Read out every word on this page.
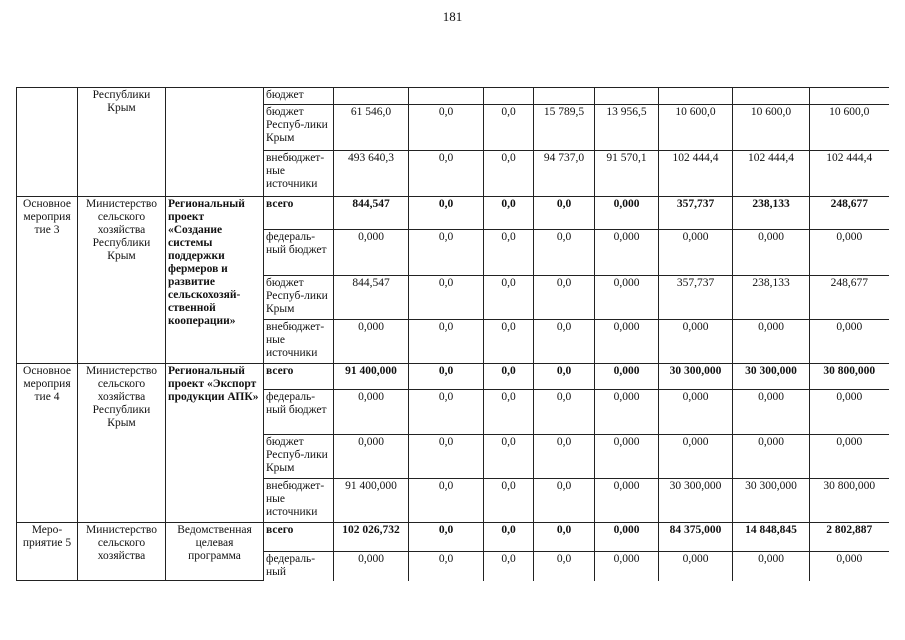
181
	Республики Крым		бюджет								
			бюджет Респуб-лики Крым	61 546,0	0,0	0,0	15 789,5	13 956,5	10 600,0	10 600,0	10 600,0
			внебюджет-ные источники	493 640,3	0,0	0,0	94 737,0	91 570,1	102 444,4	102 444,4	102 444,4
Основное мероприя тие 3	Министерство сельского хозяйства Республики Крым	Региональный проект «Создание системы поддержки фермеров и развитие сельскохозяй-ственной кооперации»	всего	844,547	0,0	0,0	0,0	0,000	357,737	238,133	248,677
			федераль-ный бюджет	0,000	0,0	0,0	0,0	0,000	0,000	0,000	0,000
			бюджет Респуб-лики Крым	844,547	0,0	0,0	0,0	0,000	357,737	238,133	248,677
			внебюджет-ные источники	0,000	0,0	0,0	0,0	0,000	0,000	0,000	0,000
Основное мероприя тие 4	Министерство сельского хозяйства Республики Крым	Региональный проект «Экспорт продукции АПК»	всего	91 400,000	0,0	0,0	0,0	0,000	30 300,000	30 300,000	30 800,000
			федераль-ный бюджет	0,000	0,0	0,0	0,0	0,000	0,000	0,000	0,000
			бюджет Респуб-лики Крым	0,000	0,0	0,0	0,0	0,000	0,000	0,000	0,000
			внебюджет-ные источники	91 400,000	0,0	0,0	0,0	0,000	30 300,000	30 300,000	30 800,000
Меро-приятие 5	Министерство сельского хозяйства	Ведомственная целевая программа	всего	102 026,732	0,0	0,0	0,0	0,000	84 375,000	14 848,845	2 802,887
			федераль-ный	0,000	0,0	0,0	0,0	0,000	0,000	0,000	0,000
